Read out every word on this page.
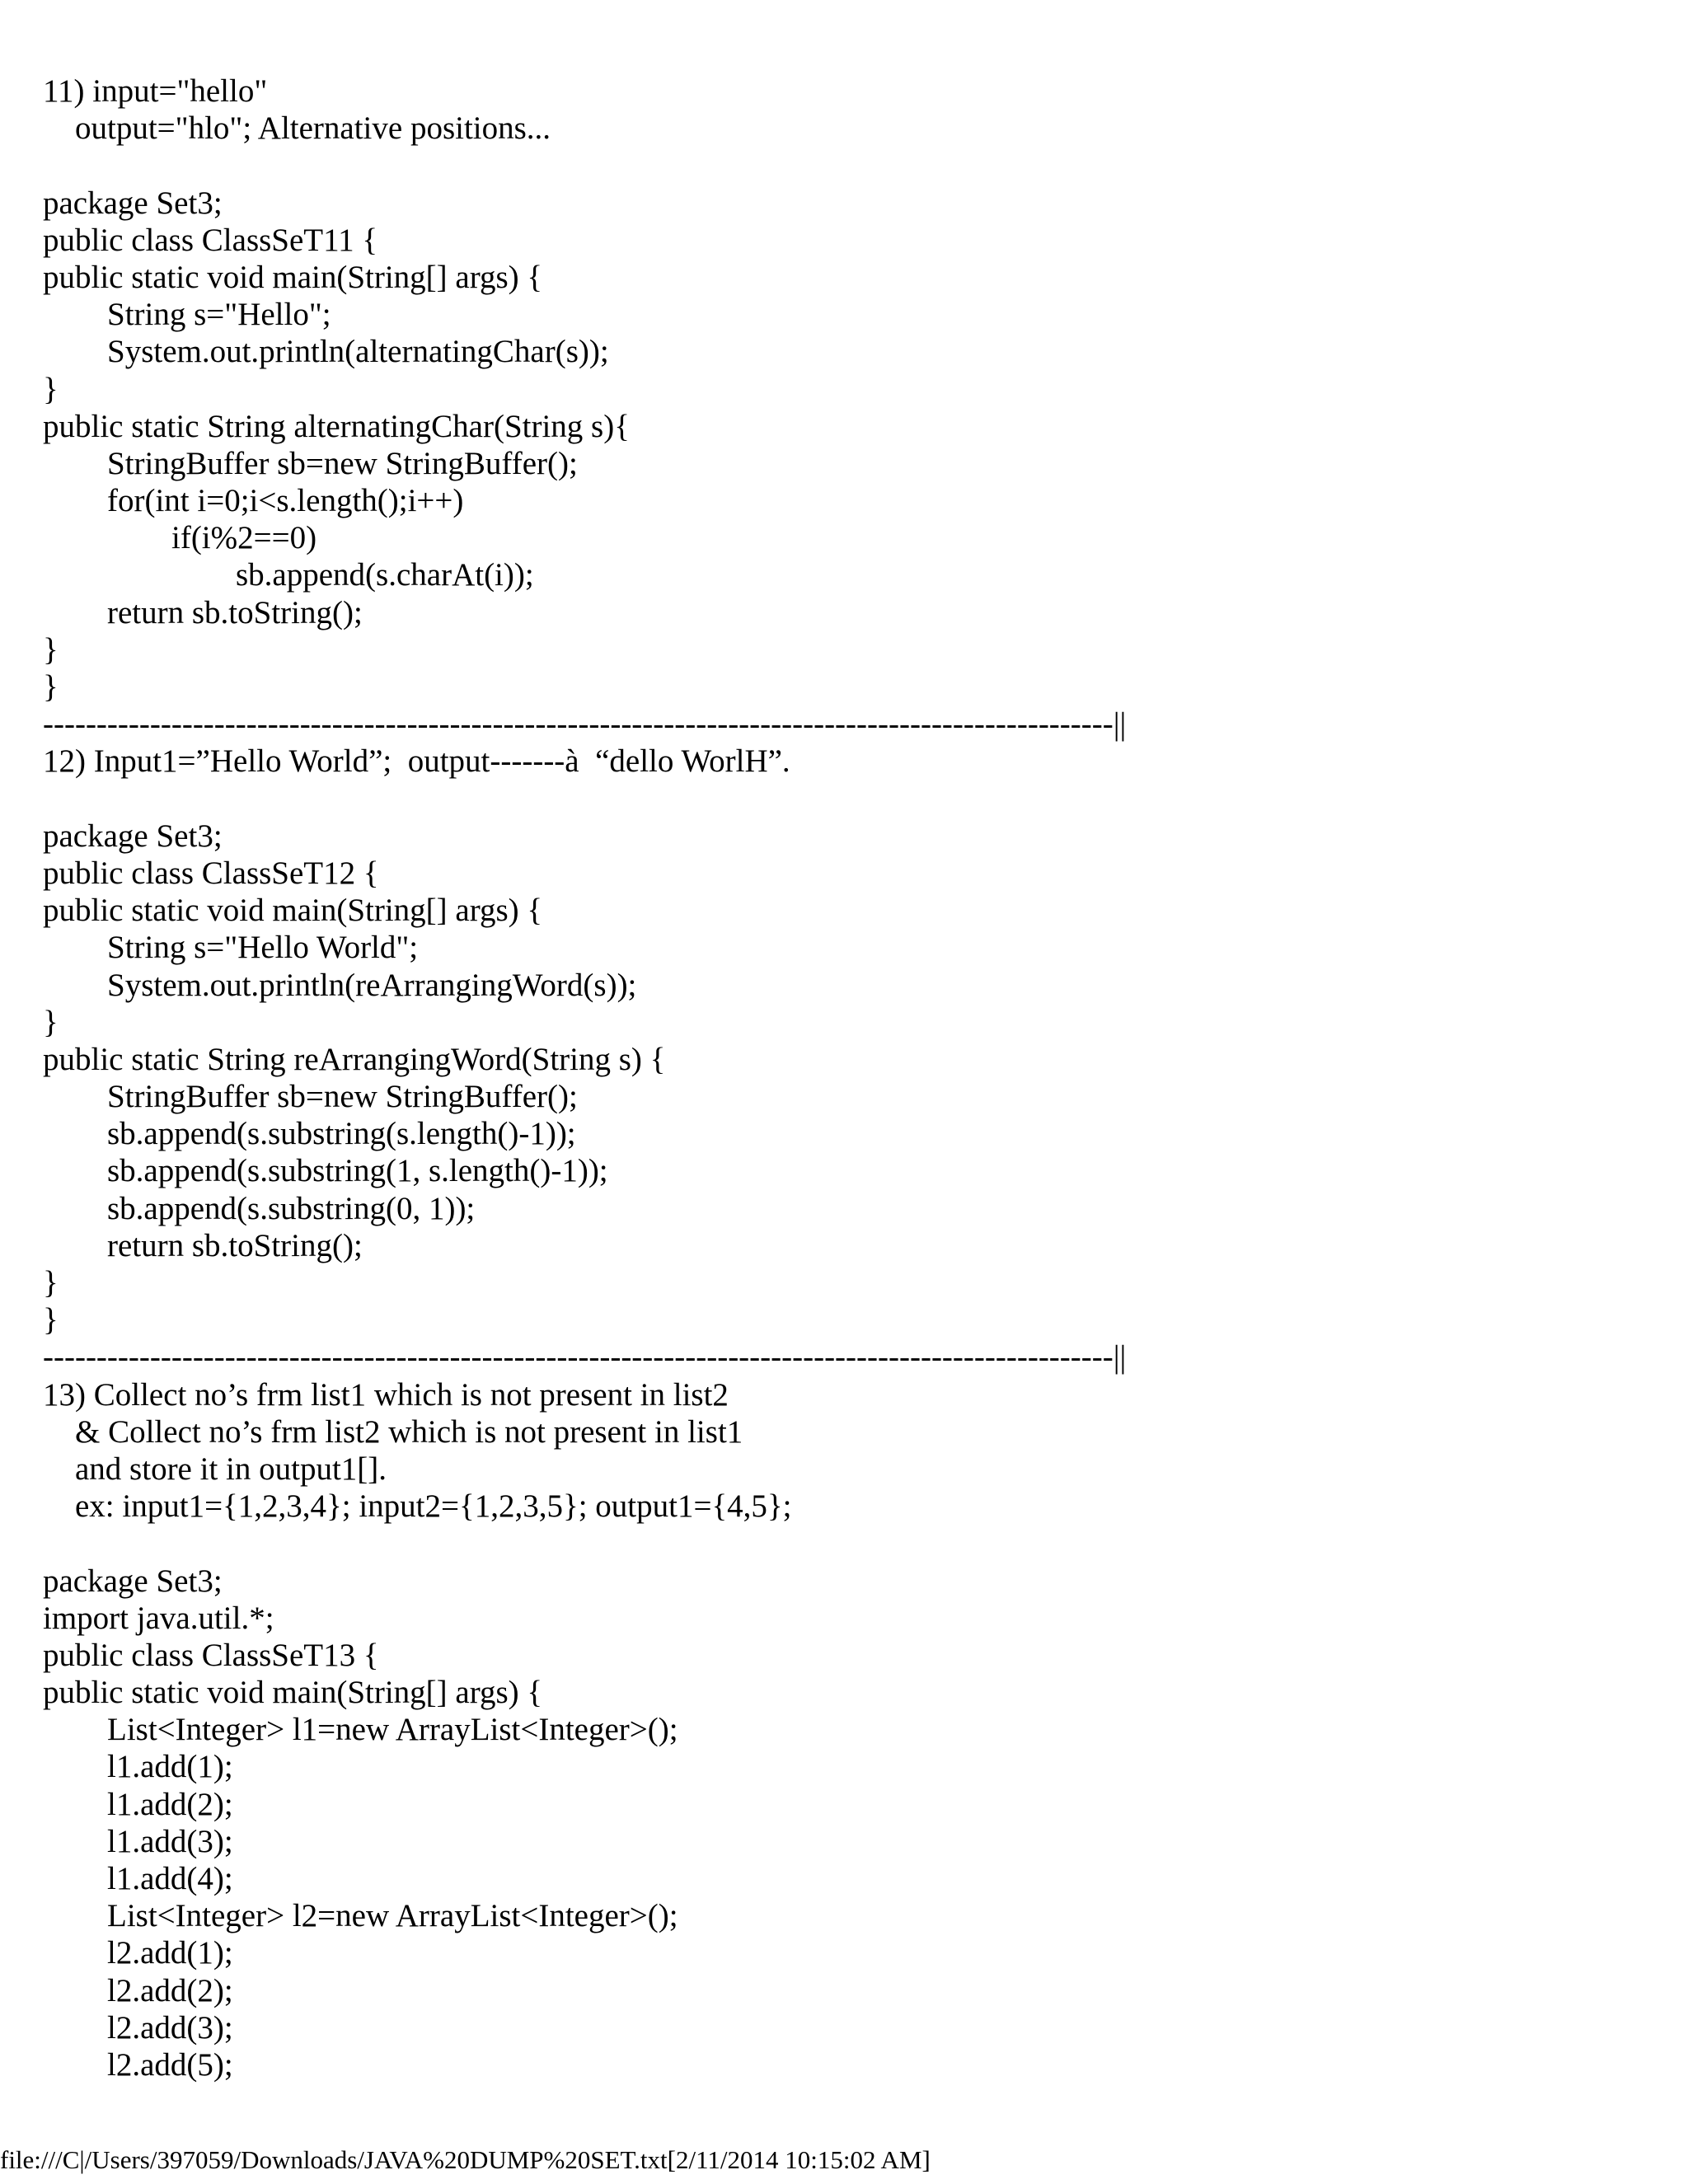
11) input="hello"
output="hlo"; Alternative positions...
package Set3;
public class ClassSeT11 {
public static void main(String[] args) {
String s="Hello";
System.out.println(alternatingChar(s));
}
public static String alternatingChar(String s){
StringBuffer sb=new StringBuffer();
for(int i=0;i<s.length();i++)
if(i%2==0)
sb.append(s.charAt(i));
return sb.toString();
}
}
----------------------------------------------------------------------------------------------------||
12) Input1=”Hello World”;  output-------à  “dello WorlH”.
package Set3;
public class ClassSeT12 {
public static void main(String[] args) {
String s="Hello World";
System.out.println(reArrangingWord(s));
}
public static String reArrangingWord(String s) {
StringBuffer sb=new StringBuffer();
sb.append(s.substring(s.length()-1));
sb.append(s.substring(1, s.length()-1));
sb.append(s.substring(0, 1));
return sb.toString();
}
}
----------------------------------------------------------------------------------------------------||
13) Collect no’s frm list1 which is not present in list2
& Collect no’s frm list2 which is not present in list1
and store it in output1[].
ex: input1={1,2,3,4}; input2={1,2,3,5}; output1={4,5};
package Set3;
import java.util.*;
public class ClassSeT13 {
public static void main(String[] args) {
List<Integer> l1=new ArrayList<Integer>();
l1.add(1);
l1.add(2);
l1.add(3);
l1.add(4);
List<Integer> l2=new ArrayList<Integer>();
l2.add(1);
l2.add(2);
l2.add(3);
l2.add(5);
file:///C|/Users/397059/Downloads/JAVA%20DUMP%20SET.txt[2/11/2014 10:15:02 AM]
